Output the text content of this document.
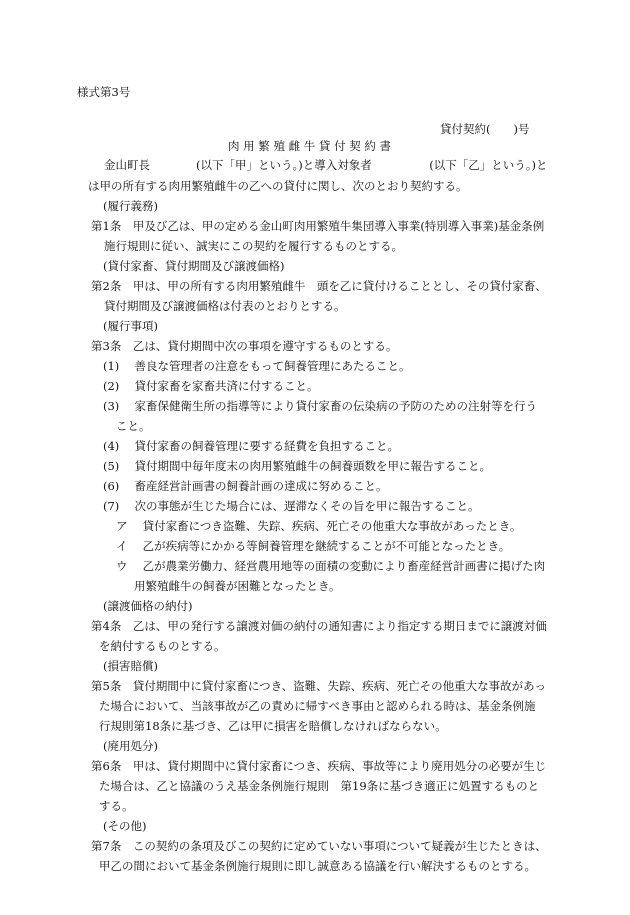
様式第3号
貸付契約(　　)号
肉 用 繁 殖 雌 牛 貸 付 契 約 書
金山町長　　　　(以下「甲」という。)と導入対象者　　　　　(以下「乙」という。)と
は甲の所有する肉用繁殖雌牛の乙への貸付に関し、次のとおり契約する。
(履行義務)
第1条　甲及び乙は、甲の定める金山町肉用繁殖牛集団導入事業(特別導入事業)基金条例
施行規則に従い、誠実にこの契約を履行するものとする。
(貸付家畜、貸付期間及び譲渡価格)
第2条　甲は、甲の所有する肉用繁殖雌牛　頭を乙に貸付けることとし、その貸付家畜、
貸付期間及び譲渡価格は付表のとおりとする。
(履行事項)
第3条　乙は、貸付期間中次の事項を遵守するものとする。
(1)　 善良な管理者の注意をもって飼養管理にあたること。
(2)　 貸付家畜を家畜共済に付すること。
(3)　 家畜保健衛生所の指導等により貸付家畜の伝染病の予防のための注射等を行う
こと。
(4)　 貸付家畜の飼養管理に要する経費を負担すること。
(5)　 貸付期間中毎年度末の肉用繁殖雌牛の飼養頭数を甲に報告すること。
(6)　 畜産経営計画書の飼養計画の達成に努めること。
(7)　 次の事態が生じた場合には、遅滞なくその旨を甲に報告すること。
ア　 貸付家畜につき盗難、失踪、疾病、死亡その他重大な事故があったとき。
イ　 乙が疾病等にかかる等飼養管理を継続することが不可能となったとき。
ウ　 乙が農業労働力、経営農用地等の面積の変動により畜産経営計画書に掲げた肉
用繁殖雌牛の飼養が困難となったとき。
(譲渡価格の納付)
第4条　乙は、甲の発行する譲渡対価の納付の通知書により指定する期日までに譲渡対価
を納付するものとする。
(損害賠償)
第5条　貸付期間中に貸付家畜につき、盗難、失踪、疾病、死亡その他重大な事故があっ
た場合において、当該事故が乙の責めに帰すべき事由と認められる時は、基金条例施
行規則第18条に基づき、乙は甲に損害を賠償しなければならない。
(廃用処分)
第6条　甲は、貸付期間中に貸付家畜につき、疾病、事故等により廃用処分の必要が生じ
た場合は、乙と協議のうえ基金条例施行規則　第19条に基づき適正に処置するものと
する。
(その他)
第7条　この契約の条項及びこの契約に定めていない事項について疑義が生じたときは、
甲乙の間において基金条例施行規則に即し誠意ある協議を行い解決するものとする。
